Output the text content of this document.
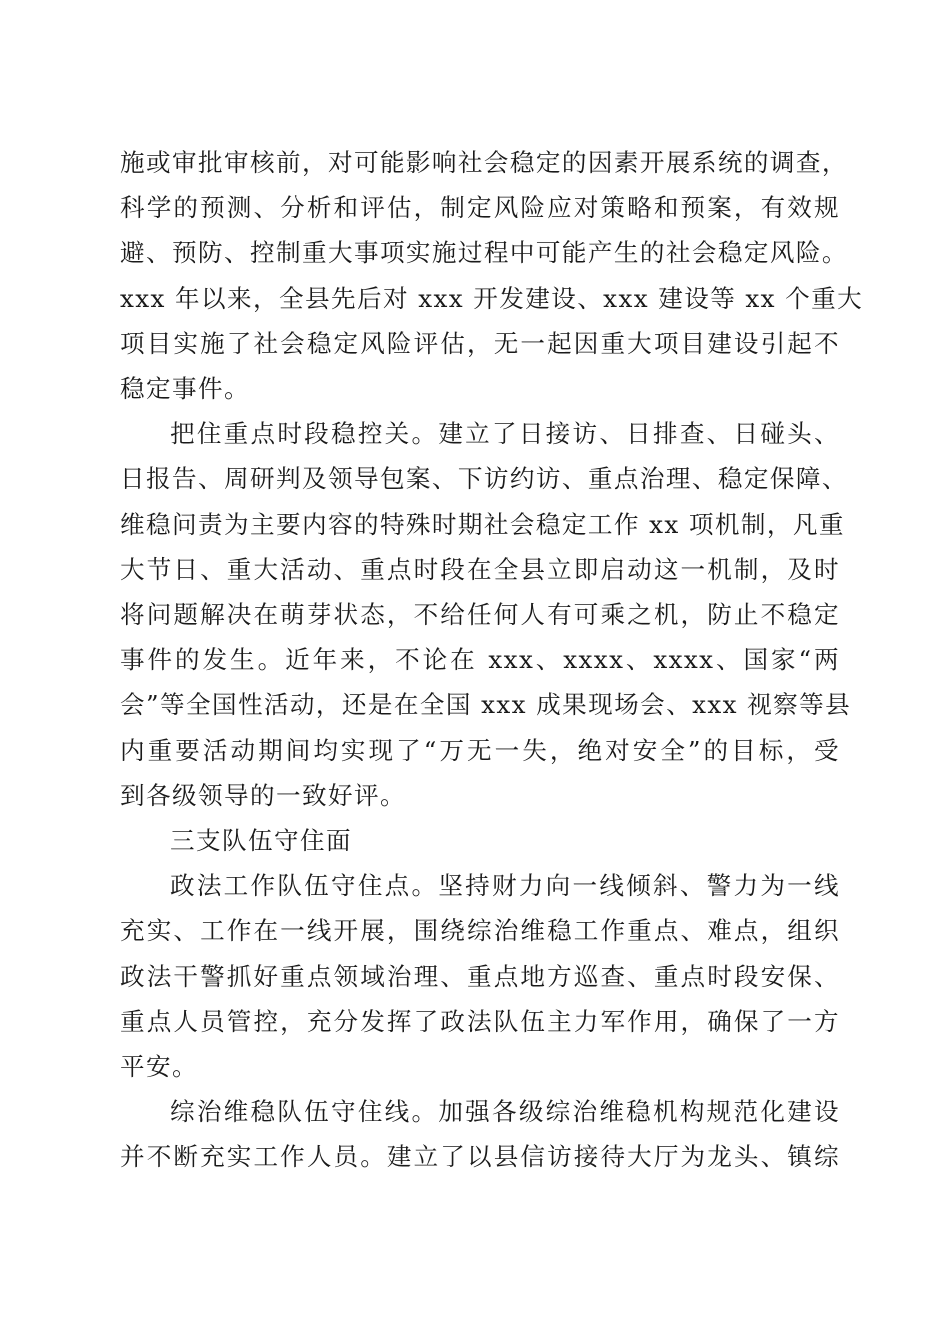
施或审批审核前，对可能影响社会稳定的因素开展系统的调查，
科学的预测、分析和评估，制定风险应对策略和预案，有效规
避、预防、控制重大事项实施过程中可能产生的社会稳定风险。
xxx 年以来，全县先后对 xxx 开发建设、xxx 建设等 xx 个重大
项目实施了社会稳定风险评估，无一起因重大项目建设引起不
稳定事件。
把住重点时段稳控关。建立了日接访、日排查、日碰头、
日报告、周研判及领导包案、下访约访、重点治理、稳定保障、
维稳问责为主要内容的特殊时期社会稳定工作 xx 项机制，凡重
大节日、重大活动、重点时段在全县立即启动这一机制，及时
将问题解决在萌芽状态，不给任何人有可乘之机，防止不稳定
事件的发生。近年来，不论在 xxx、xxxx、xxxx、国家“两
会”等全国性活动，还是在全国 xxx 成果现场会、xxx 视察等县
内重要活动期间均实现了“万无一失，绝对安全”的目标，受
到各级领导的一致好评。
三支队伍守住面
政法工作队伍守住点。坚持财力向一线倾斜、警力为一线
充实、工作在一线开展，围绕综治维稳工作重点、难点，组织
政法干警抓好重点领域治理、重点地方巡查、重点时段安保、
重点人员管控，充分发挥了政法队伍主力军作用，确保了一方
平安。
综治维稳队伍守住线。加强各级综治维稳机构规范化建设
并不断充实工作人员。建立了以县信访接待大厅为龙头、镇综
